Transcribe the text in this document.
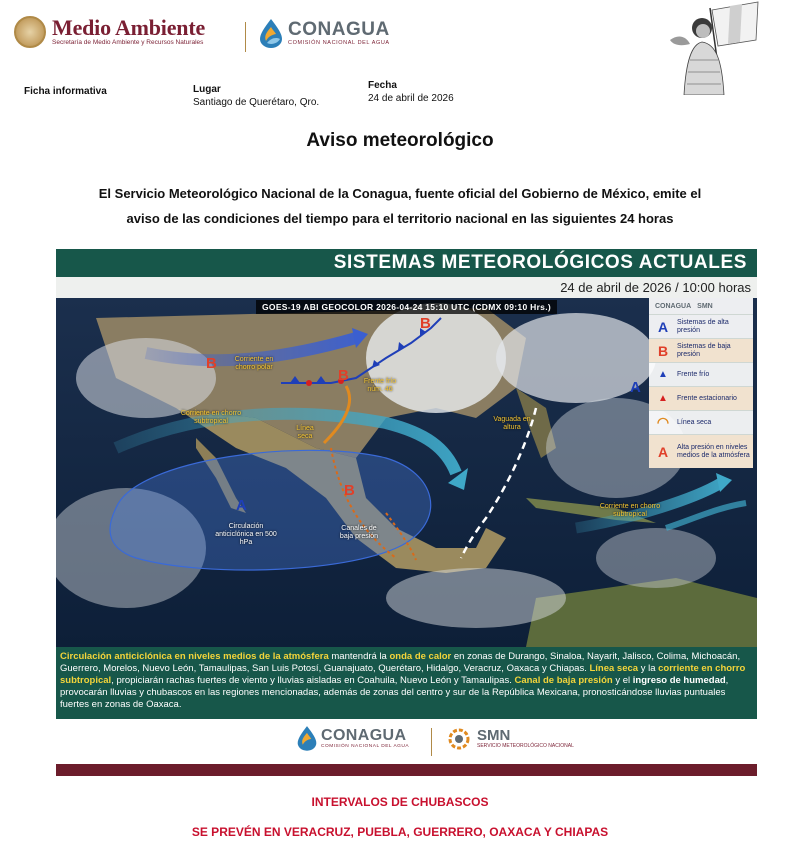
Medio Ambiente
Secretaría de Medio Ambiente y Recursos Naturales
CONAGUA
COMISIÓN NACIONAL DEL AGUA
Ficha informativa	Lugar
Santiago de Querétaro, Qro.
Fecha
24 de abril de 2026
Aviso meteorológico
El Servicio Meteorológico Nacional de la Conagua, fuente oficial del Gobierno de México, emite el
aviso de las condiciones del tiempo para el territorio nacional en las siguientes 24 horas
SISTEMAS METEOROLÓGICOS ACTUALES
24 de abril de 2026 / 10:00 horas
B
B
B
B
A
A
GOES-19 ABI GEOCOLOR 2026-04-24 15:10 UTC (CDMX 09:10 Hrs.)
Corriente en chorro polar
Corriente en chorro subtropical
Frente frío núm. 46
Línea seca
Vaguada en altura
Circulación anticiclónica en 500 hPa
Canales de baja presión
Corriente en chorro subtropical
CONAGUA SMN
A	Sistemas de alta presión
B	Sistemas de baja presión
▲	Frente frío
▲	Frente estacionario
◠	Línea seca
A	Alta presión en niveles medios de la atmósfera
Circulación anticiclónica en niveles medios de la atmósfera mantendrá la onda de calor en zonas de Durango, Sinaloa, Nayarit, Jalisco, Colima, Michoacán, Guerrero, Morelos, Nuevo León, Tamaulipas, San Luis Potosí, Guanajuato, Querétaro, Hidalgo, Veracruz, Oaxaca y Chiapas. Línea seca y la corriente en chorro subtropical, propiciarán rachas fuertes de viento y lluvias aisladas en Coahuila, Nuevo León y Tamaulipas. Canal de baja presión y el ingreso de humedad, provocarán lluvias y chubascos en las regiones mencionadas, además de zonas del centro y sur de la República Mexicana, pronosticándose lluvias puntuales fuertes en zonas de Oaxaca.
CONAGUA
COMISIÓN NACIONAL DEL AGUA
SMN
SERVICIO METEOROLÓGICO NACIONAL
INTERVALOS DE CHUBASCOS
SE PREVÉN EN VERACRUZ, PUEBLA, GUERRERO, OAXACA Y CHIAPAS
